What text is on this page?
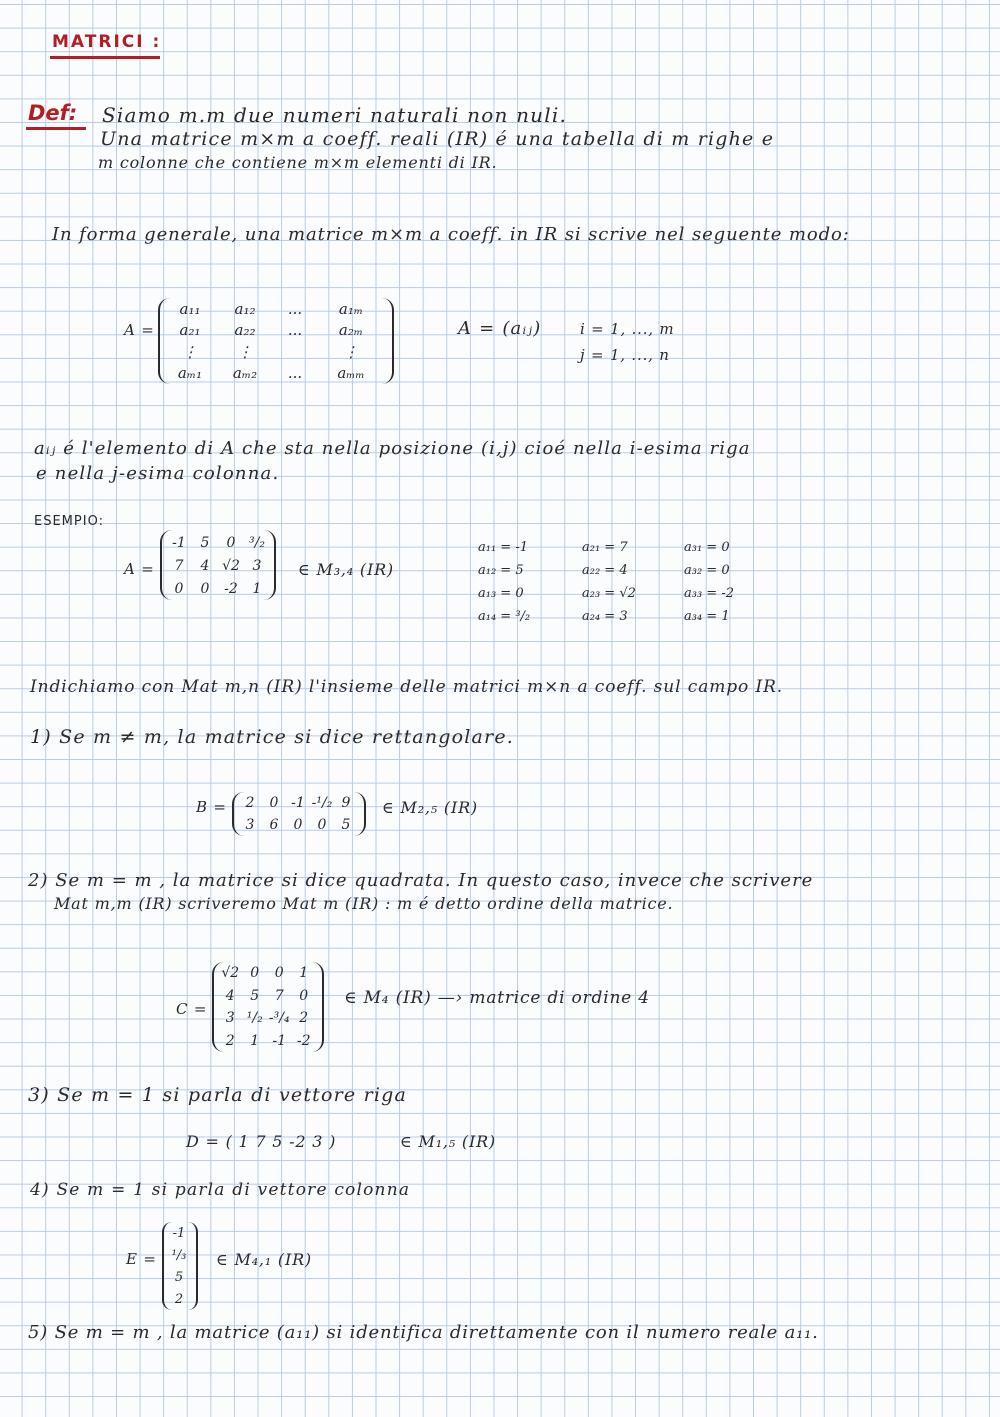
MATRICI :
Def: Siamo m.m due numeri naturali non nuli.
Una matrice m×m a coeff. reali (IR) é una tabella di m righe e
m colonne che contiene m×m elementi di IR.
In forma generale, una matrice m×m a coeff. in IR si scrive nel seguente modo:
A =
a₁₁	a₁₂	...	a₁ₘ
a₂₁	a₂₂	...	a₂ₘ
⋮	⋮	⋮
aₘ₁	aₘ₂	...	aₘₘ
A = (aᵢⱼ)	i = 1, ..., m
j = 1, ..., n
aᵢⱼ é l'elemento di A che sta nella posizione (i,j) cioé nella i-esima riga
e nella j-esima colonna.
ESEMPIO:
A =
-1	5	0 ³/₂
7	4 √2 3
0	0	-2	1
∈ M₃,₄ (IR)
a₁₁ = -1	a₂₁ = 7	a₃₁ = 0
a₁₂ = 5	a₂₂ = 4	a₃₂ = 0
a₁₃ = 0	a₂₃ = √2	a₃₃ = -2
a₁₄ = ³/₂	a₂₄ = 3	a₃₄ = 1
Indichiamo con Mat m,n (IR) l'insieme delle matrici m×n a coeff. sul campo IR.
1) Se m ≠ m, la matrice si dice rettangolare.
B =	2	0 -1 -¹/₂ 9
3	6	0	0	5
∈ M₂,₅ (IR)
2) Se m = m , la matrice si dice quadrata. In questo caso, invece che scrivere
Mat m,m (IR) scriveremo Mat m (IR) : m é detto ordine della matrice.
C =
√2 0	0	1
4	5	7	0
3 ¹/₂ -³/₄ 2
2	1 -1 -2
∈ M₄ (IR) —› matrice di ordine 4
3) Se m = 1 si parla di vettore riga
D = ( 1 7 5 -2 3 )	∈ M₁,₅ (IR)
4) Se m = 1 si parla di vettore colonna
E =
-1
¹/₃
5
2
∈ M₄,₁ (IR)
5) Se m = m , la matrice (a₁₁) si identifica direttamente con il numero reale a₁₁.
